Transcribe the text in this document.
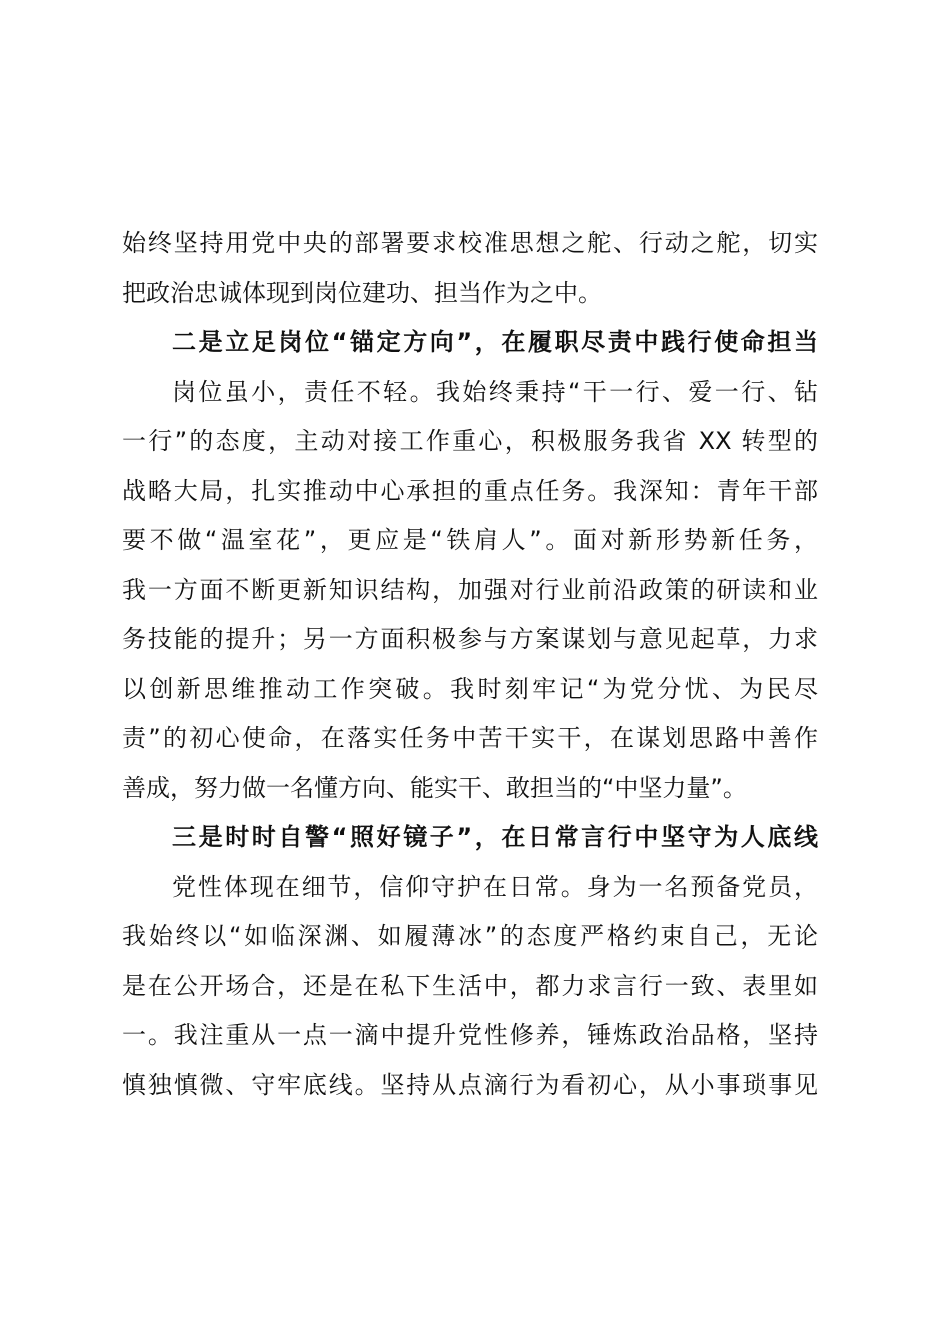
始终坚持用党中央的部署要求校准思想之舵、行动之舵，切实
把政治忠诚体现到岗位建功、担当作为之中。
二是立足岗位“锚定方向”，在履职尽责中践行使命担当
岗位虽小，责任不轻。我始终秉持“干一行、爱一行、钻
一行”的态度，主动对接工作重心，积极服务我省 XX 转型的
战略大局，扎实推动中心承担的重点任务。我深知：青年干部
要不做“温室花”，更应是“铁肩人”。面对新形势新任务，
我一方面不断更新知识结构，加强对行业前沿政策的研读和业
务技能的提升；另一方面积极参与方案谋划与意见起草，力求
以创新思维推动工作突破。我时刻牢记“为党分忧、为民尽
责”的初心使命，在落实任务中苦干实干，在谋划思路中善作
善成，努力做一名懂方向、能实干、敢担当的“中坚力量”。
三是时时自警“照好镜子”，在日常言行中坚守为人底线
党性体现在细节，信仰守护在日常。身为一名预备党员，
我始终以“如临深渊、如履薄冰”的态度严格约束自己，无论
是在公开场合，还是在私下生活中，都力求言行一致、表里如
一。我注重从一点一滴中提升党性修养，锤炼政治品格，坚持
慎独慎微、守牢底线。坚持从点滴行为看初心，从小事琐事见
